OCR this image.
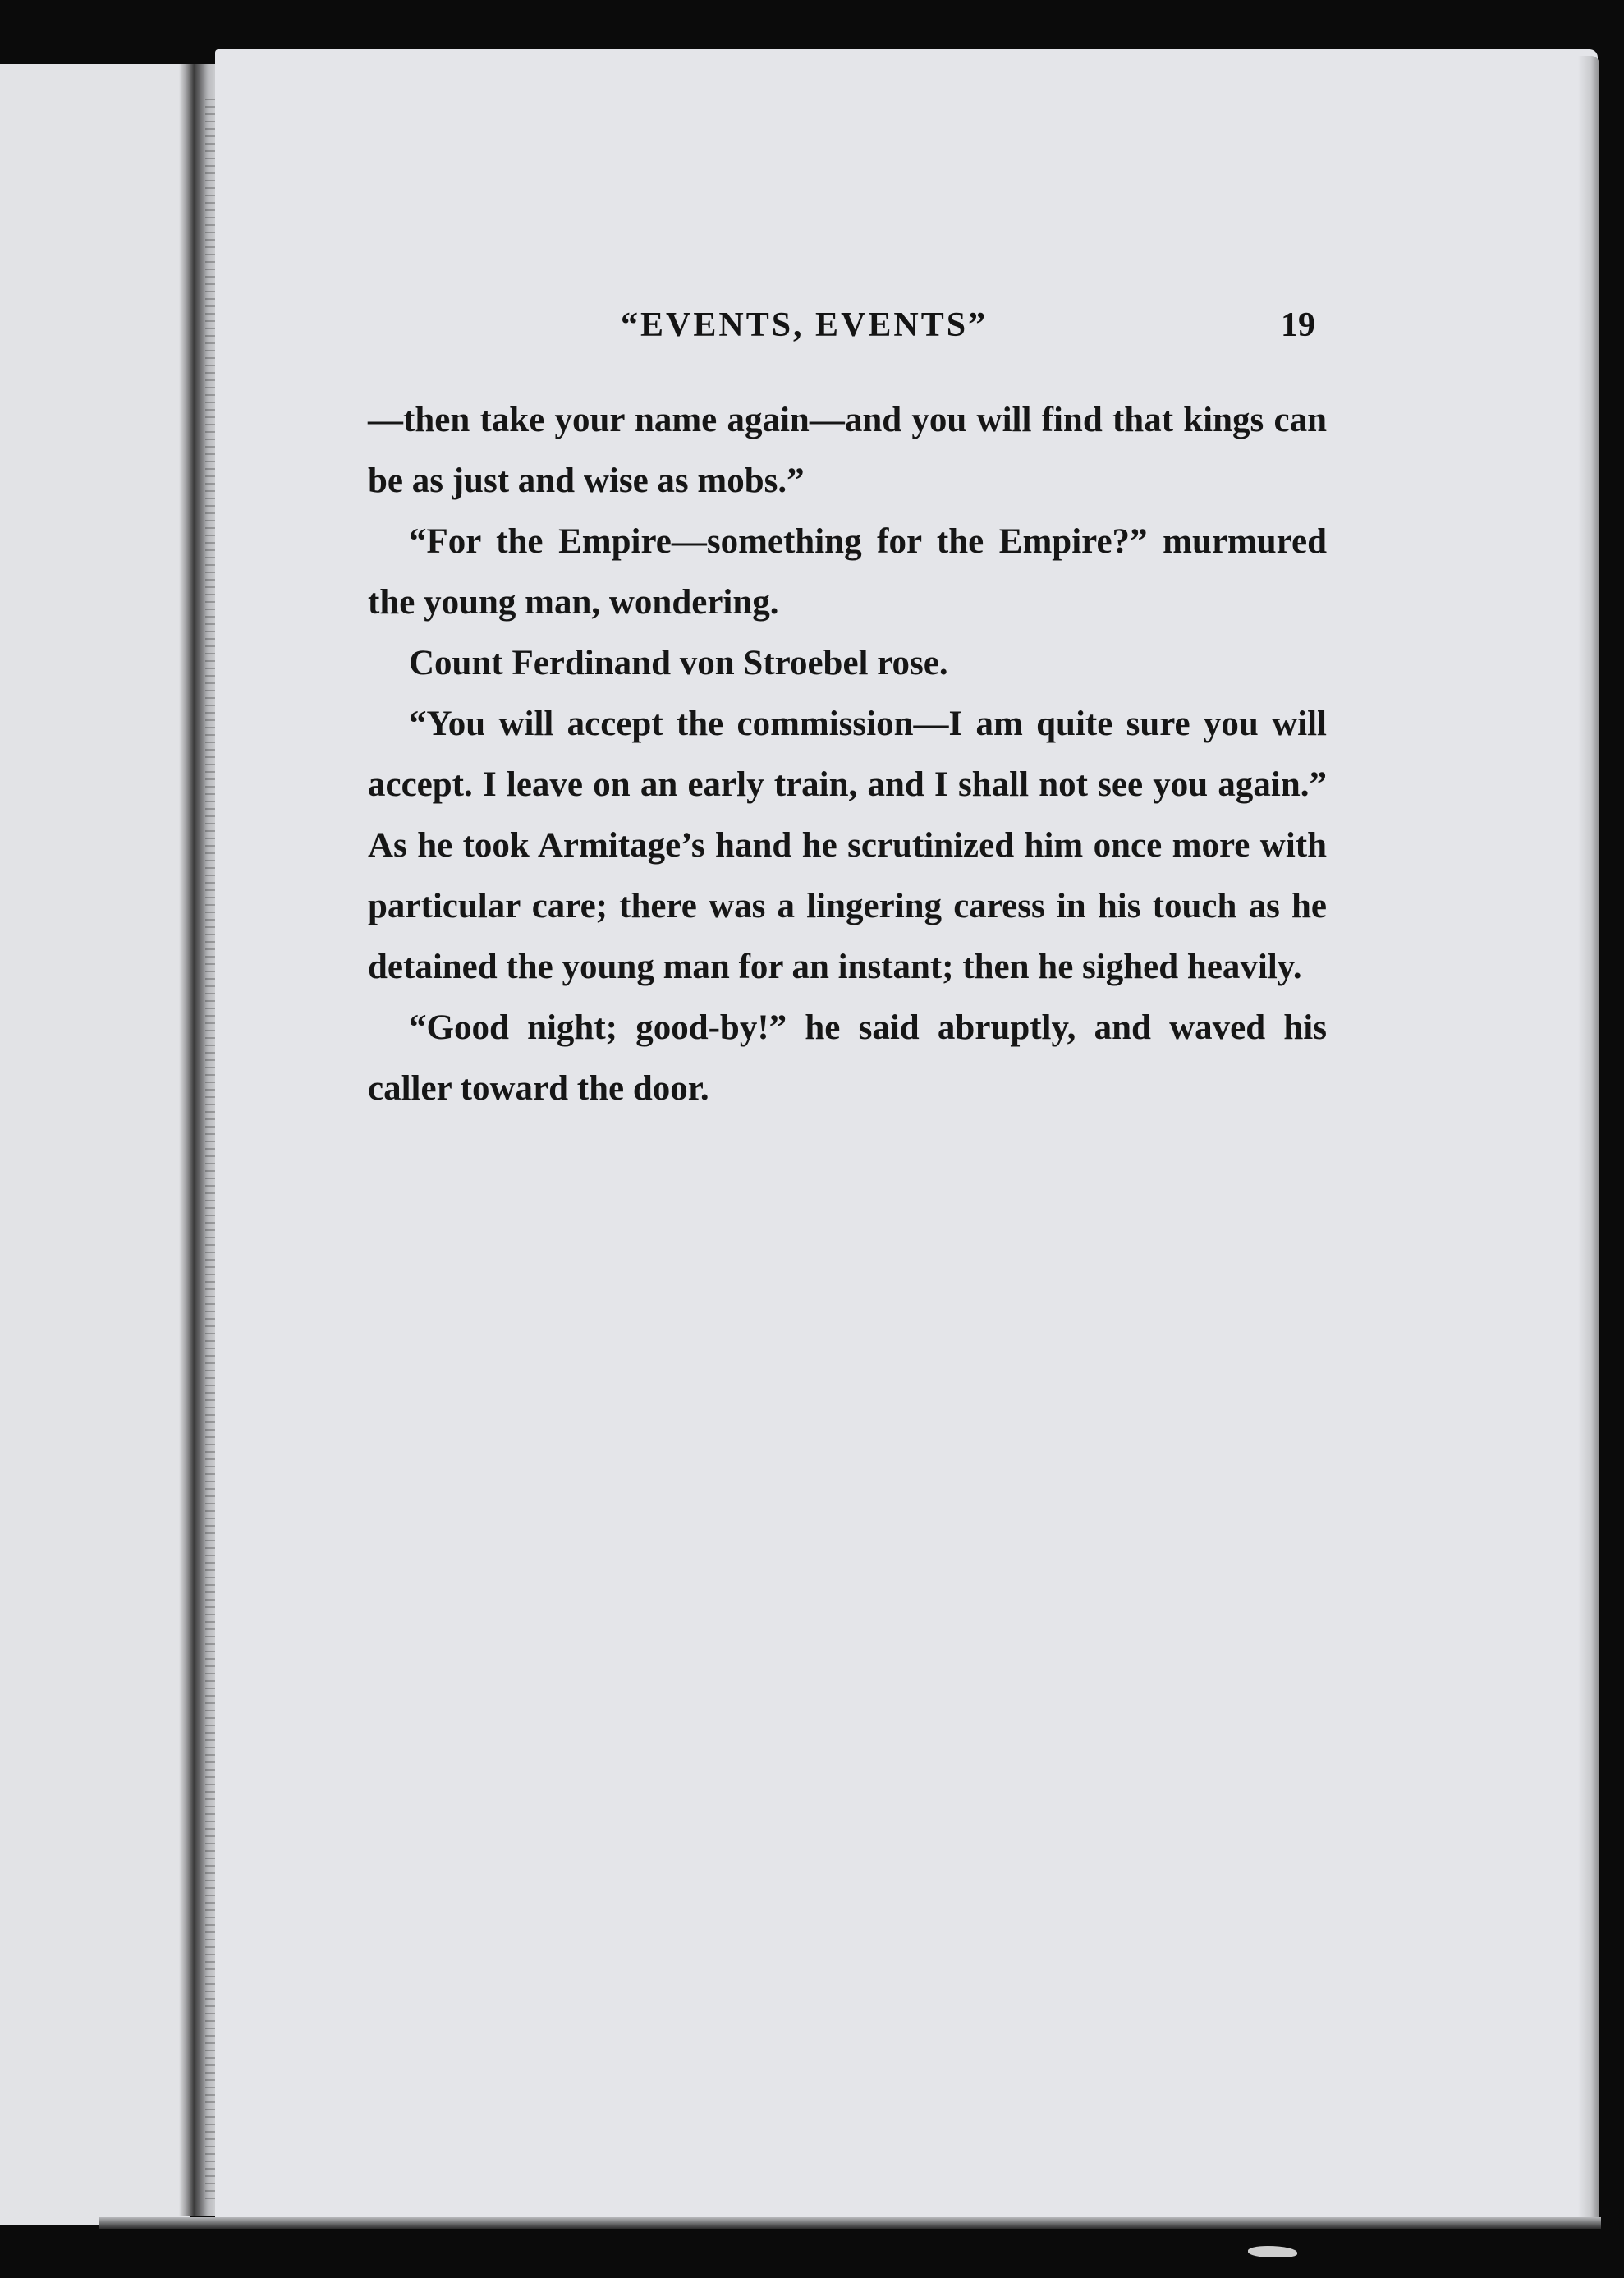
“EVENTS, EVENTS”	19

—then take your name again—and you will find that kings can be as just and wise as mobs.”

“For the Empire—something for the Empire?” murmured the young man, wondering.

Count Ferdinand von Stroebel rose.

“You will accept the commission—I am quite sure you will accept. I leave on an early train, and I shall not see you again.” As he took Armitage’s hand he scrutinized him once more with particular care; there was a lingering caress in his touch as he detained the young man for an instant; then he sighed heavily.

“Good night; good-by!” he said abruptly, and waved his caller toward the door.
